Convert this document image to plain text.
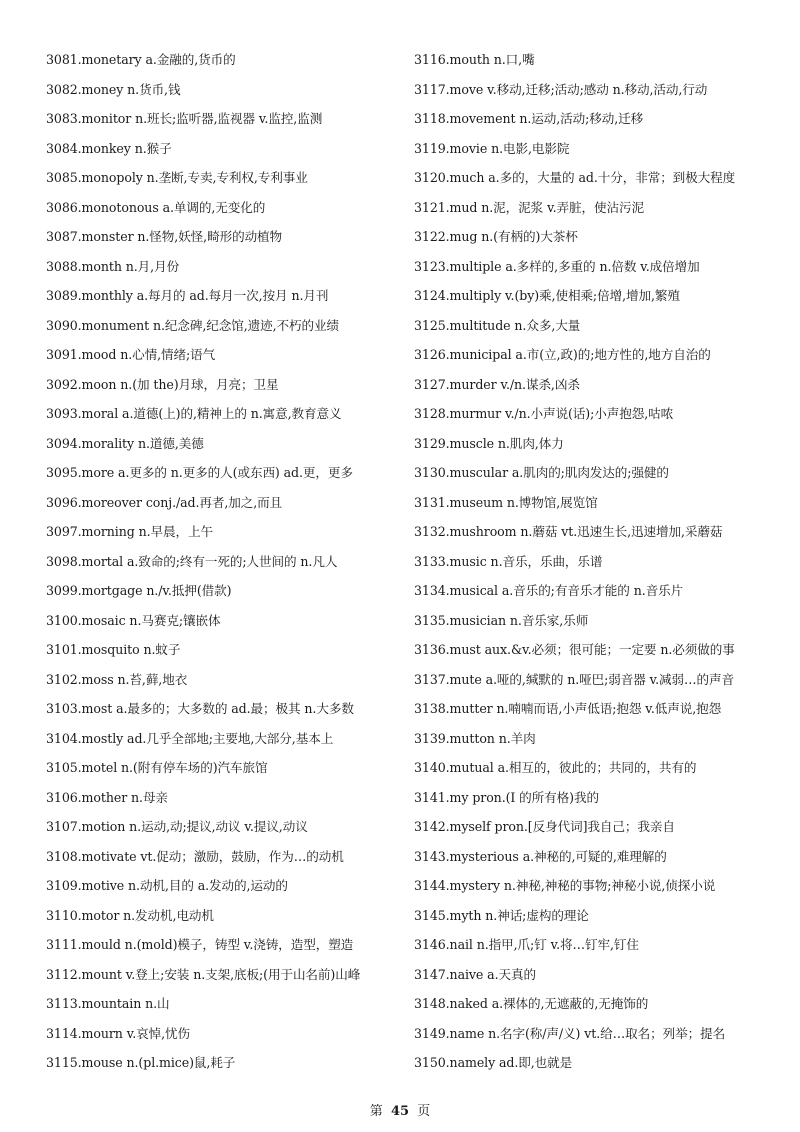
3081.monetary a.金融的,货币的
3082.money n.货币,钱
3083.monitor n.班长;监听器,监视器 v.监控,监测
3084.monkey n.猴子
3085.monopoly n.垄断,专卖,专利权,专利事业
3086.monotonous a.单调的,无变化的
3087.monster n.怪物,妖怪,畸形的动植物
3088.month n.月,月份
3089.monthly a.每月的 ad.每月一次,按月 n.月刊
3090.monument n.纪念碑,纪念馆,遗迹,不朽的业绩
3091.mood n.心情,情绪;语气
3092.moon n.(加 the)月球，月亮；卫星
3093.moral a.道德(上)的,精神上的 n.寓意,教育意义
3094.morality n.道德,美德
3095.more a.更多的 n.更多的人(或东西) ad.更，更多
3096.moreover conj./ad.再者,加之,而且
3097.morning n.早晨，上午
3098.mortal a.致命的;终有一死的;人世间的 n.凡人
3099.mortgage n./v.抵押(借款)
3100.mosaic n.马赛克;镶嵌体
3101.mosquito n.蚊子
3102.moss n.苔,藓,地衣
3103.most a.最多的；大多数的 ad.最；极其 n.大多数
3104.mostly ad.几乎全部地;主要地,大部分,基本上
3105.motel n.(附有停车场的)汽车旅馆
3106.mother n.母亲
3107.motion n.运动,动;提议,动议 v.提议,动议
3108.motivate vt.促动；激励，鼓励，作为…的动机
3109.motive n.动机,目的 a.发动的,运动的
3110.motor n.发动机,电动机
3111.mould n.(mold)模子，铸型 v.浇铸，造型，塑造
3112.mount v.登上;安装 n.支架,底板;(用于山名前)山峰
3113.mountain n.山
3114.mourn v.哀悼,忧伤
3115.mouse n.(pl.mice)鼠,耗子
3116.mouth n.口,嘴
3117.move v.移动,迁移;活动;感动 n.移动,活动,行动
3118.movement n.运动,活动;移动,迁移
3119.movie n.电影,电影院
3120.much a.多的，大量的 ad.十分，非常；到极大程度
3121.mud n.泥，泥浆 v.弄脏，使沾污泥
3122.mug n.(有柄的)大茶杯
3123.multiple a.多样的,多重的 n.倍数 v.成倍增加
3124.multiply v.(by)乘,使相乘;倍增,增加,繁殖
3125.multitude n.众多,大量
3126.municipal a.市(立,政)的;地方性的,地方自治的
3127.murder v./n.谋杀,凶杀
3128.murmur v./n.小声说(话);小声抱怨,咕哝
3129.muscle n.肌肉,体力
3130.muscular a.肌肉的;肌肉发达的;强健的
3131.museum n.博物馆,展览馆
3132.mushroom n.蘑菇 vt.迅速生长,迅速增加,采蘑菇
3133.music n.音乐，乐曲，乐谱
3134.musical a.音乐的;有音乐才能的 n.音乐片
3135.musician n.音乐家,乐师
3136.must aux.&v.必须；很可能；一定要 n.必须做的事
3137.mute a.哑的,缄默的 n.哑巴;弱音器 v.减弱…的声音
3138.mutter n.喃喃而语,小声低语;抱怨 v.低声说,抱怨
3139.mutton n.羊肉
3140.mutual a.相互的，彼此的；共同的，共有的
3141.my pron.(I 的所有格)我的
3142.myself pron.[反身代词]我自己；我亲自
3143.mysterious a.神秘的,可疑的,难理解的
3144.mystery n.神秘,神秘的事物;神秘小说,侦探小说
3145.myth n.神话;虚构的理论
3146.nail n.指甲,爪;钉 v.将…钉牢,钉住
3147.naive a.天真的
3148.naked a.裸体的,无遮蔽的,无掩饰的
3149.name n.名字(称/声/义) vt.给…取名；列举；提名
3150.namely ad.即,也就是
第 45 页
